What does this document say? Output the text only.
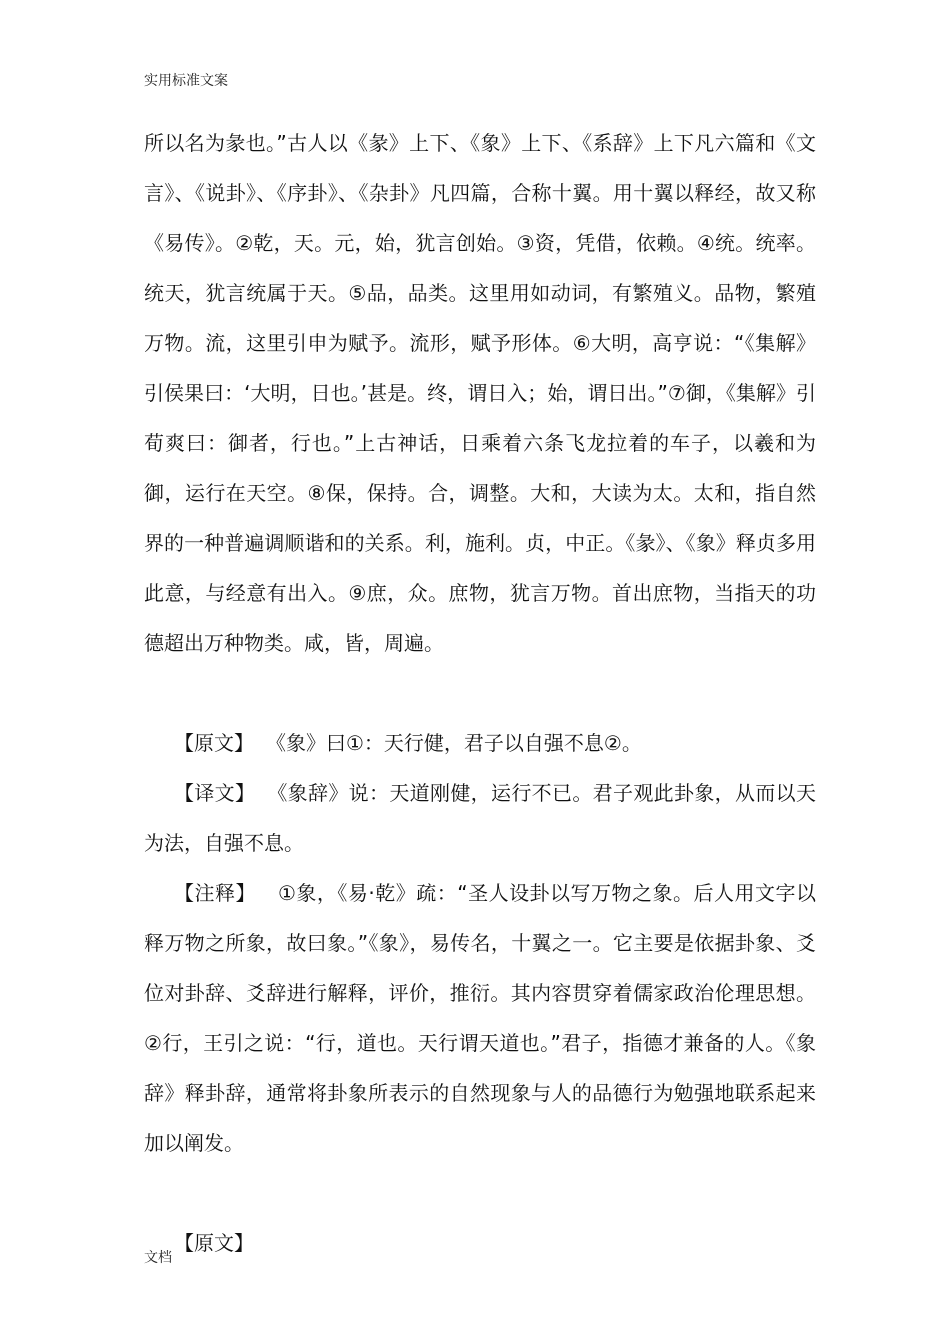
实用标准文案

所以名为彖也。”古人以《彖》上下、《象》上下、《系辞》上下凡六篇和《文言》、《说卦》、《序卦》、《杂卦》凡四篇，合称十翼。用十翼以释经，故又称《易传》。②乾，天。元，始，犹言创始。③资，凭借，依赖。④统。统率。统天，犹言统属于天。⑤品，品类。这里用如动词，有繁殖义。品物，繁殖万物。流，这里引申为赋予。流形，赋予形体。⑥大明，高亨说：“《集解》引侯果曰：‘大明，日也。’甚是。终，谓日入；始，谓日出。”⑦御，《集解》引荀爽曰：御者，行也。”上古神话，日乘着六条飞龙拉着的车子，以羲和为御，运行在天空。⑧保，保持。合，调整。大和，大读为太。太和，指自然界的一种普遍调顺谐和的关系。利，施利。贞，中正。《彖》、《象》释贞多用此意，与经意有出入。⑨庶，众。庶物，犹言万物。首出庶物，当指天的功德超出万种物类。咸，皆，周遍。

【原文】 《象》曰①：天行健，君子以自强不息②。

【译文】 《象辞》说：天道刚健，运行不已。君子观此卦象，从而以天为法，自强不息。

【注释】 ①象，《易·乾》疏：“圣人设卦以写万物之象。后人用文字以释万物之所象，故曰象。”《象》，易传名，十翼之一。它主要是依据卦象、爻位对卦辞、爻辞进行解释，评价，推衍。其内容贯穿着儒家政治伦理思想。②行，王引之说：“行，道也。天行谓天道也。”君子，指德才兼备的人。《象辞》释卦辞，通常将卦象所表示的自然现象与人的品德行为勉强地联系起来加以阐发。

【原文】

文档
